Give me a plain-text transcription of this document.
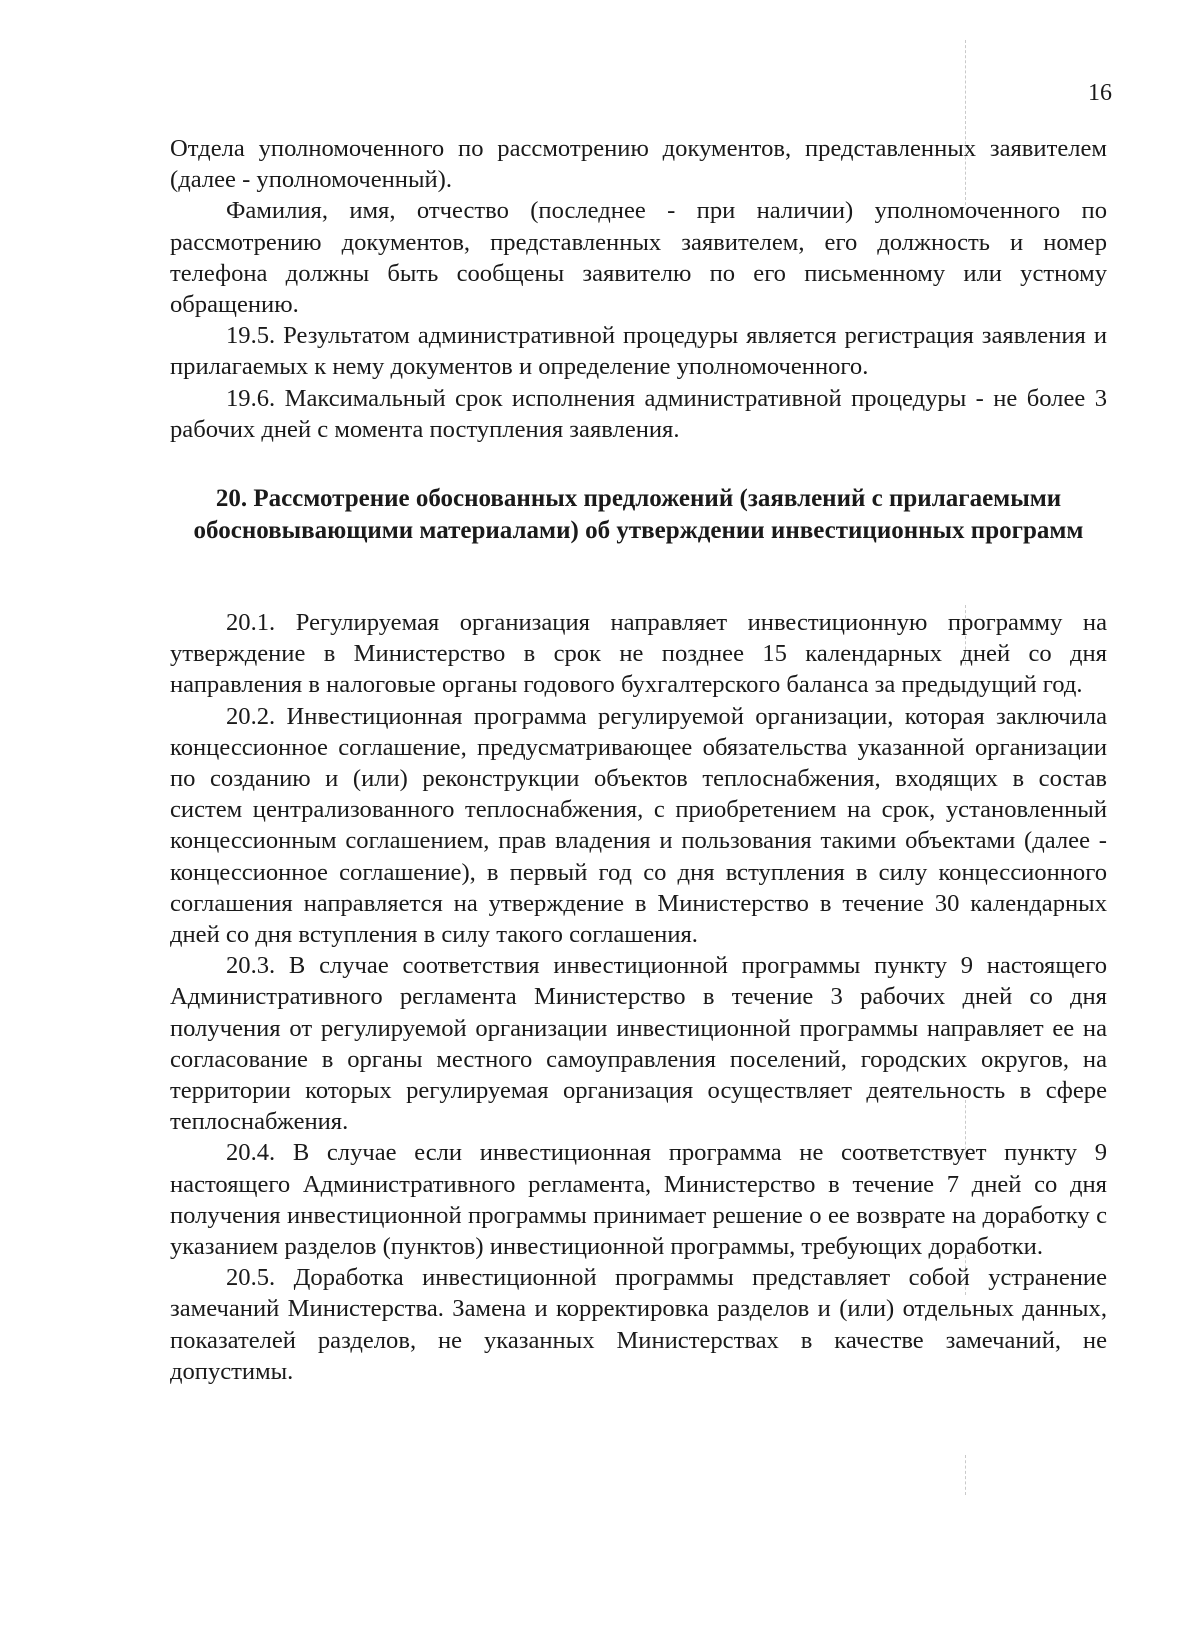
16

Отдела уполномоченного по рассмотрению документов, представленных заявителем (далее - уполномоченный).

Фамилия, имя, отчество (последнее - при наличии) уполномоченного по рассмотрению документов, представленных заявителем, его должность и номер телефона должны быть сообщены заявителю по его письменному или устному обращению.

19.5. Результатом административной процедуры является регистрация заявления и прилагаемых к нему документов и определение уполномоченного.

19.6. Максимальный срок исполнения административной процедуры - не более 3 рабочих дней с момента поступления заявления.

20. Рассмотрение обоснованных предложений (заявлений с прилагаемыми обосновывающими материалами) об утверждении инвестиционных программ

20.1. Регулируемая организация направляет инвестиционную программу на утверждение в Министерство в срок не позднее 15 календарных дней со дня направления в налоговые органы годового бухгалтерского баланса за предыдущий год.

20.2. Инвестиционная программа регулируемой организации, которая заключила концессионное соглашение, предусматривающее обязательства указанной организации по созданию и (или) реконструкции объектов теплоснабжения, входящих в состав систем централизованного теплоснабжения, с приобретением на срок, установленный концессионным соглашением, прав владения и пользования такими объектами (далее - концессионное соглашение), в первый год со дня вступления в силу концессионного соглашения направляется на утверждение в Министерство в течение 30 календарных дней со дня вступления в силу такого соглашения.

20.3. В случае соответствия инвестиционной программы пункту 9 настоящего Административного регламента Министерство в течение 3 рабочих дней со дня получения от регулируемой организации инвестиционной программы направляет ее на согласование в органы местного самоуправления поселений, городских округов, на территории которых регулируемая организация осуществляет деятельность в сфере теплоснабжения.

20.4. В случае если инвестиционная программа не соответствует пункту 9 настоящего Административного регламента, Министерство в течение 7 дней со дня получения инвестиционной программы принимает решение о ее возврате на доработку с указанием разделов (пунктов) инвестиционной программы, требующих доработки.

20.5. Доработка инвестиционной программы представляет собой устранение замечаний Министерства. Замена и корректировка разделов и (или) отдельных данных, показателей разделов, не указанных Министерствах в качестве замечаний, не допустимы.
